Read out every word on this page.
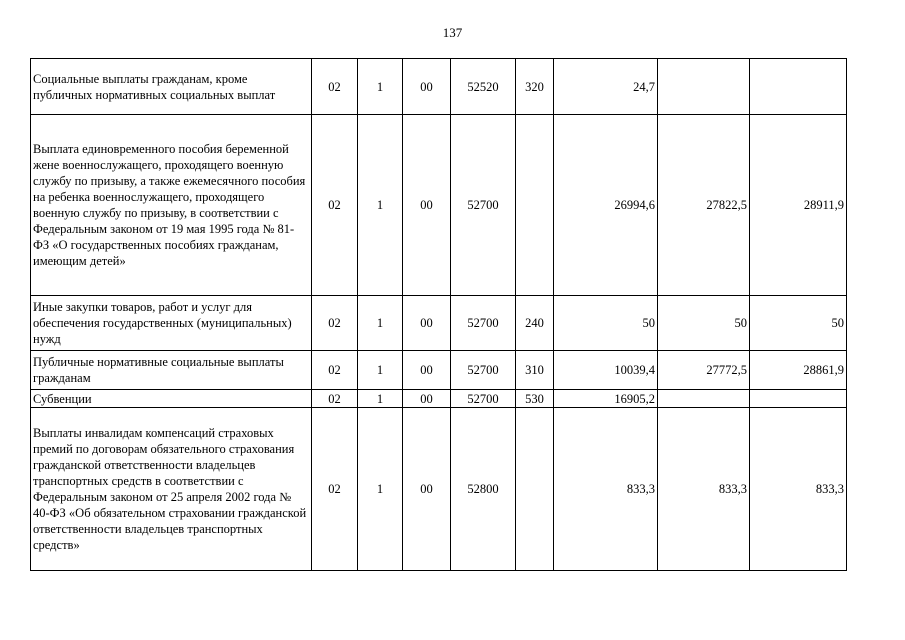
137
Социальные выплаты гражданам, кроме публичных нормативных социальных выплат	02	1	00	52520	320	24,7		
Выплата единовременного пособия беременной жене военнослужащего, проходящего военную службу по призыву, а также ежемесячного пособия на ребенка военнослужащего, проходящего военную службу по призыву, в соответствии с Федеральным законом от 19 мая 1995 года № 81-ФЗ «О государственных пособиях гражданам, имеющим детей»	02	1	00	52700		26994,6	27822,5	28911,9
Иные закупки товаров, работ и услуг для обеспечения государственных (муниципальных) нужд	02	1	00	52700	240	50	50	50
Публичные нормативные социальные выплаты гражданам	02	1	00	52700	310	10039,4	27772,5	28861,9
Субвенции	02	1	00	52700	530	16905,2		
Выплаты инвалидам компенсаций страховых премий по договорам обязательного страхования гражданской ответственности владельцев транспортных средств в соответствии с Федеральным законом от 25 апреля 2002 года № 40-ФЗ «Об обязательном страховании гражданской ответственности владельцев транспортных средств»	02	1	00	52800		833,3	833,3	833,3
